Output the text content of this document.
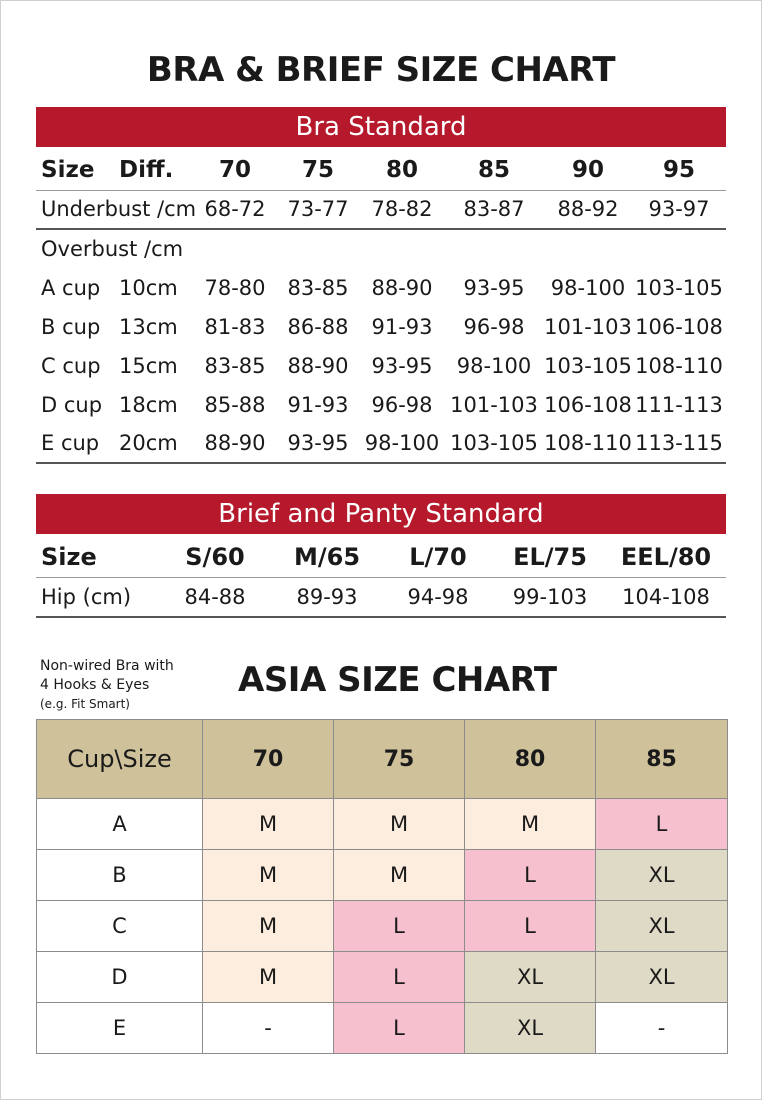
BRA & BRIEF SIZE CHART
Bra Standard
Size	Diff.	70	75	80	85	90	95
Underbust /cm		68-72	73-77	78-82	83-87	88-92	93-97
Overbust /cm							
A cup	10cm	78-80	83-85	88-90	93-95	98-100	103-105
B cup	13cm	81-83	86-88	91-93	96-98	101-103	106-108
C cup	15cm	83-85	88-90	93-95	98-100	103-105	108-110
D cup	18cm	85-88	91-93	96-98	101-103	106-108	111-113
E cup	20cm	88-90	93-95	98-100	103-105	108-110	113-115
Brief and Panty Standard
Size	S/60	M/65	L/70	EL/75	EEL/80
Hip (cm)	84-88	89-93	94-98	99-103	104-108
Non-wired Bra with
4 Hooks & Eyes
(e.g. Fit Smart)
ASIA SIZE CHART
Cup\Size	70	75	80	85
A	M	M	M	L
B	M	M	L	XL
C	M	L	L	XL
D	M	L	XL	XL
E	-	L	XL	-
